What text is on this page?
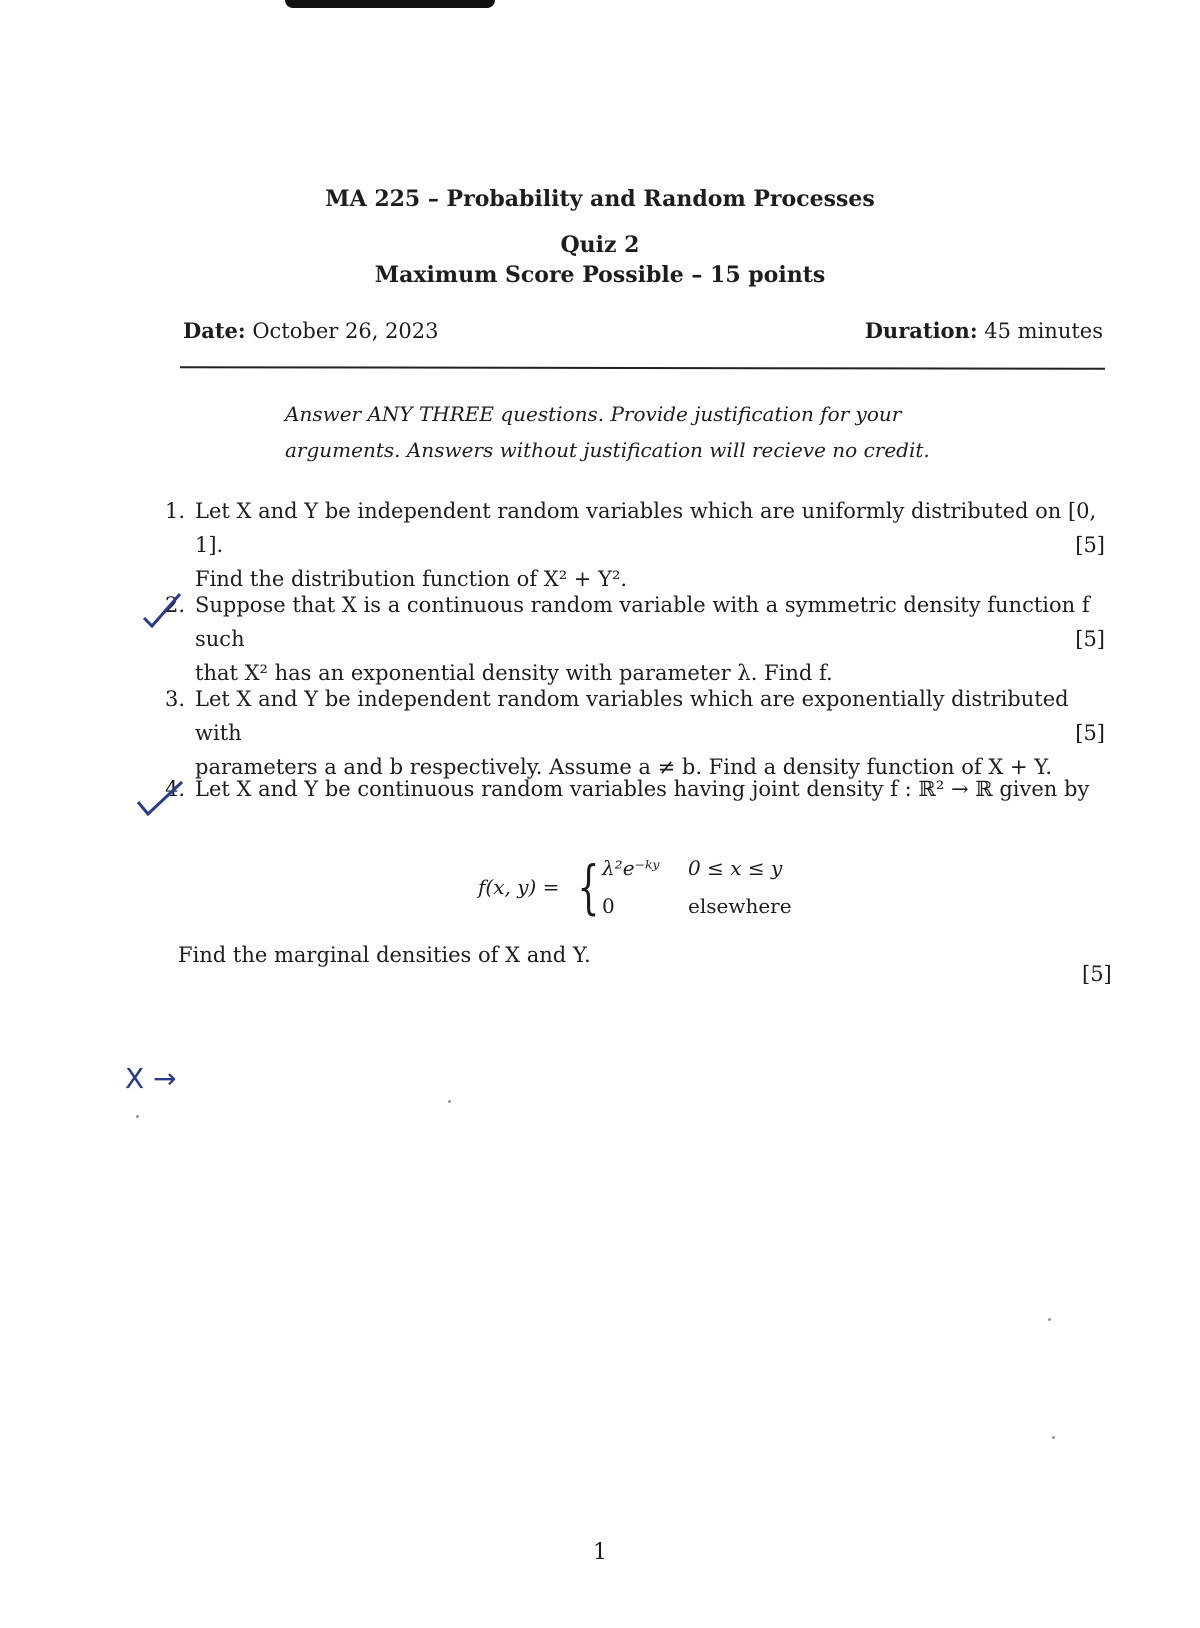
MA 225 – Probability and Random Processes
Quiz 2
Maximum Score Possible – 15 points
Date: October 26, 2023	Duration: 45 minutes
Answer ANY THREE questions. Provide justification for your arguments. Answers without justification will recieve no credit.
1. Let X and Y be independent random variables which are uniformly distributed on [0, 1].
Find the distribution function of X² + Y².
[5]
2. Suppose that X is a continuous random variable with a symmetric density function f such
that X² has an exponential density with parameter λ. Find f.
[5]
3. Let X and Y be independent random variables which are exponentially distributed with
parameters a and b respectively. Assume a ≠ b. Find a density function of X + Y.
[5]
4. Let X and Y be continuous random variables having joint density f : ℝ² → ℝ given by
f(x, y) = { λ²e⁻ᵏʸ 0 ≤ x ≤ y
0	elsewhere
Find the marginal densities of X and Y.
[5]
X →
1
